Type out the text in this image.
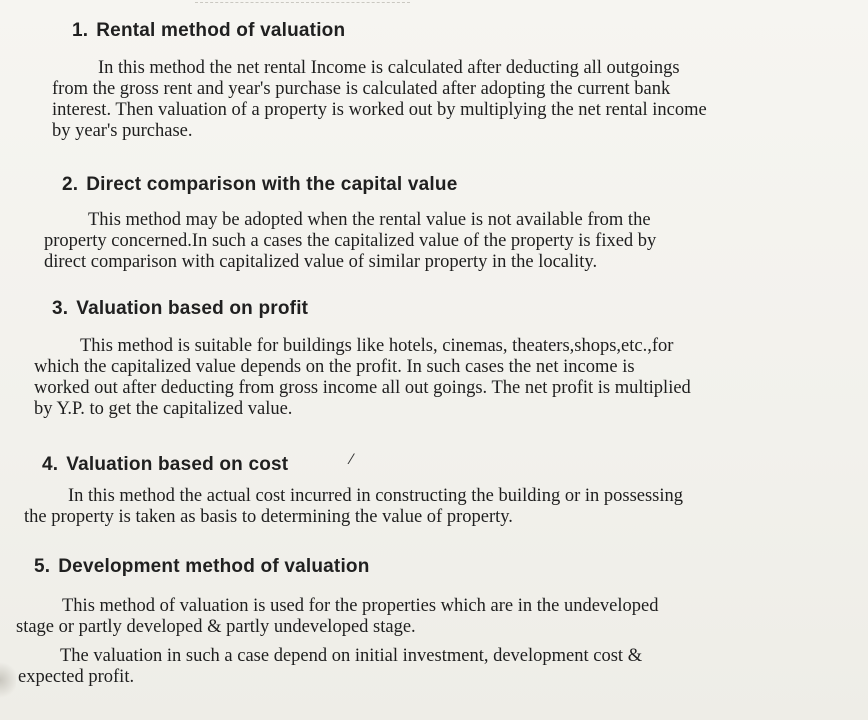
1. Rental method of valuation
In this method the net rental Income is calculated after deducting all outgoings
from the gross rent and year's purchase is calculated after adopting the current bank
interest. Then valuation of a property is worked out by multiplying the net rental income
by year's purchase.
2. Direct comparison with the capital value
This method may be adopted when the rental value is not available from the
property concerned.In such a cases the capitalized value of the property is fixed by
direct comparison with capitalized value of similar property in the locality.
3. Valuation based on profit
This method is suitable for buildings like hotels, cinemas, theaters,shops,etc.,for
which the capitalized value depends on the profit. In such cases the net income is
worked out after deducting from gross income all out goings. The net profit is multiplied
by Y.P. to get the capitalized value.
4. Valuation based on cost	⁄
In this method the actual cost incurred in constructing the building or in possessing
the property is taken as basis to determining the value of property.
5. Development method of valuation
This method of valuation is used for the properties which are in the undeveloped
stage or partly developed & partly undeveloped stage.
The valuation in such a case depend on initial investment, development cost &
expected profit.
